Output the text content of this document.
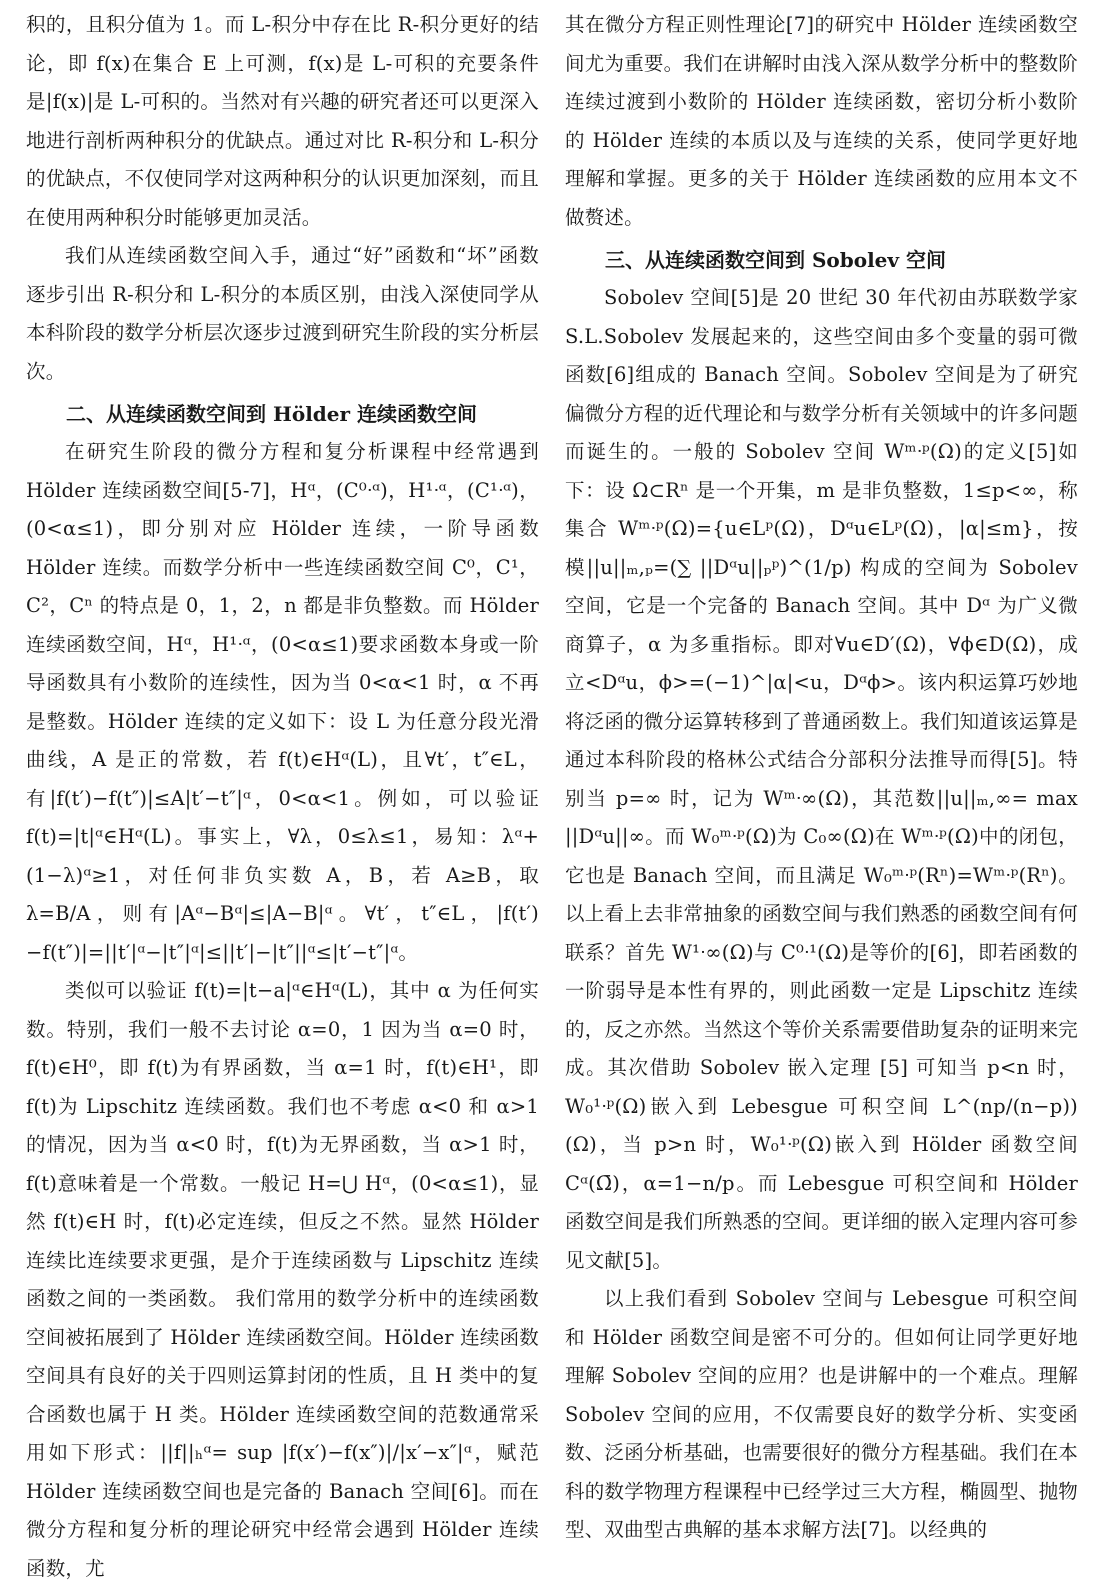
积的，且积分值为 1。而 L-积分中存在比 R-积分更好的结论，即 f(x)在集合 E 上可测，f(x)是 L-可积的充要条件是|f(x)|是 L-可积的。当然对有兴趣的研究者还可以更深入地进行剖析两种积分的优缺点。通过对比 R-积分和 L-积分的优缺点，不仅使同学对这两种积分的认识更加深刻，而且在使用两种积分时能够更加灵活。

我们从连续函数空间入手，通过“好”函数和“坏”函数逐步引出 R-积分和 L-积分的本质区别，由浅入深使同学从本科阶段的数学分析层次逐步过渡到研究生阶段的实分析层次。

二、从连续函数空间到 Hölder 连续函数空间

在研究生阶段的微分方程和复分析课程中经常遇到 Hölder 连续函数空间[5-7]，Hᵅ，(C⁰ᐧᵅ)，H¹ᐧᵅ，(C¹ᐧᵅ)，(0<α≤1)，即分别对应 Hölder 连续，一阶导函数 Hölder 连续。而数学分析中一些连续函数空间 C⁰，C¹，C²，Cⁿ 的特点是 0，1，2，n 都是非负整数。而 Hölder 连续函数空间，Hᵅ，H¹ᐧᵅ，(0<α≤1)要求函数本身或一阶导函数具有小数阶的连续性，因为当 0<α<1 时，α 不再是整数。Hölder 连续的定义如下：设 L 为任意分段光滑曲线，A 是正的常数，若 f(t)∈Hᵅ(L)，且∀t′，t″∈L，有|f(t′)−f(t″)|≤A|t′−t″|ᵅ，0<α<1。例如，可以验证 f(t)=|t|ᵅ∈Hᵅ(L)。事实上，∀λ，0≤λ≤1，易知：λᵅ+(1−λ)ᵅ≥1，对任何非负实数 A，B，若 A≥B，取 λ=B/A，则有|Aᵅ−Bᵅ|≤|A−B|ᵅ。∀t′，t″∈L，|f(t′)−f(t″)|=||t′|ᵅ−|t″|ᵅ|≤||t′|−|t″||ᵅ≤|t′−t″|ᵅ。

类似可以验证 f(t)=|t−a|ᵅ∈Hᵅ(L)，其中 α 为任何实数。特别，我们一般不去讨论 α=0，1 因为当 α=0 时，f(t)∈H⁰，即 f(t)为有界函数，当 α=1 时，f(t)∈H¹，即 f(t)为 Lipschitz 连续函数。我们也不考虑 α<0 和 α>1 的情况，因为当 α<0 时，f(t)为无界函数，当 α>1 时，f(t)意味着是一个常数。一般记 H=⋃ Hᵅ，(0<α≤1)，显然 f(t)∈H 时，f(t)必定连续，但反之不然。显然 Hölder 连续比连续要求更强，是介于连续函数与 Lipschitz 连续函数之间的一类函数。 我们常用的数学分析中的连续函数空间被拓展到了 Hölder 连续函数空间。Hölder 连续函数空间具有良好的关于四则运算封闭的性质，且 H 类中的复合函数也属于 H 类。Hölder 连续函数空间的范数通常采用如下形式：||f||ₕᵅ= sup |f(x′)−f(x″)|/|x′−x″|ᵅ，赋范 Hölder 连续函数空间也是完备的 Banach 空间[6]。而在微分方程和复分析的理论研究中经常会遇到 Hölder 连续函数，尤

其在微分方程正则性理论[7]的研究中 Hölder 连续函数空间尤为重要。我们在讲解时由浅入深从数学分析中的整数阶连续过渡到小数阶的 Hölder 连续函数，密切分析小数阶的 Hölder 连续的本质以及与连续的关系，使同学更好地理解和掌握。更多的关于 Hölder 连续函数的应用本文不做赘述。

三、从连续函数空间到 Sobolev 空间

Sobolev 空间[5]是 20 世纪 30 年代初由苏联数学家 S.L.Sobolev 发展起来的，这些空间由多个变量的弱可微函数[6]组成的 Banach 空间。Sobolev 空间是为了研究偏微分方程的近代理论和与数学分析有关领域中的许多问题而诞生的。一般的 Sobolev 空间 Wᵐᐧᵖ(Ω)的定义[5]如下：设 Ω⊂Rⁿ 是一个开集，m 是非负整数，1≤p<∞，称集合 Wᵐᐧᵖ(Ω)={u∈Lᵖ(Ω)，Dᵅu∈Lᵖ(Ω)，|α|≤m}，按模||u||ₘ,ₚ=(∑ ||Dᵅu||ₚᵖ)^(1/p) 构成的空间为 Sobolev 空间，它是一个完备的 Banach 空间。其中 Dᵅ 为广义微商算子，α 为多重指标。即对∀u∈D′(Ω)，∀ϕ∈D(Ω)，成立<Dᵅu，ϕ>=(−1)^|α|<u，Dᵅϕ>。该内积运算巧妙地将泛函的微分运算转移到了普通函数上。我们知道该运算是通过本科阶段的格林公式结合分部积分法推导而得[5]。特别当 p=∞ 时，记为 Wᵐᐧ∞(Ω)，其范数||u||ₘ,∞= max ||Dᵅu||∞。而 W₀ᵐᐧᵖ(Ω)为 C₀∞(Ω)在 Wᵐᐧᵖ(Ω)中的闭包，它也是 Banach 空间，而且满足 W₀ᵐᐧᵖ(Rⁿ)=Wᵐᐧᵖ(Rⁿ)。以上看上去非常抽象的函数空间与我们熟悉的函数空间有何联系？首先 W¹ᐧ∞(Ω)与 C⁰ᐧ¹(Ω)是等价的[6]，即若函数的一阶弱导是本性有界的，则此函数一定是 Lipschitz 连续的，反之亦然。当然这个等价关系需要借助复杂的证明来完成。其次借助 Sobolev 嵌入定理 [5] 可知当 p<n 时，W₀¹ᐧᵖ(Ω)嵌入到 Lebesgue 可积空间 L^(np/(n−p))(Ω)，当 p>n 时，W₀¹ᐧᵖ(Ω)嵌入到 Hölder 函数空间 Cᵅ(Ω̄)，α=1−n/p。而 Lebesgue 可积空间和 Hölder 函数空间是我们所熟悉的空间。更详细的嵌入定理内容可参见文献[5]。

以上我们看到 Sobolev 空间与 Lebesgue 可积空间和 Hölder 函数空间是密不可分的。但如何让同学更好地理解 Sobolev 空间的应用？也是讲解中的一个难点。理解 Sobolev 空间的应用，不仅需要良好的数学分析、实变函数、泛函分析基础，也需要很好的微分方程基础。我们在本科的数学物理方程课程中已经学过三大方程，椭圆型、抛物型、双曲型古典解的基本求解方法[7]。以经典的
